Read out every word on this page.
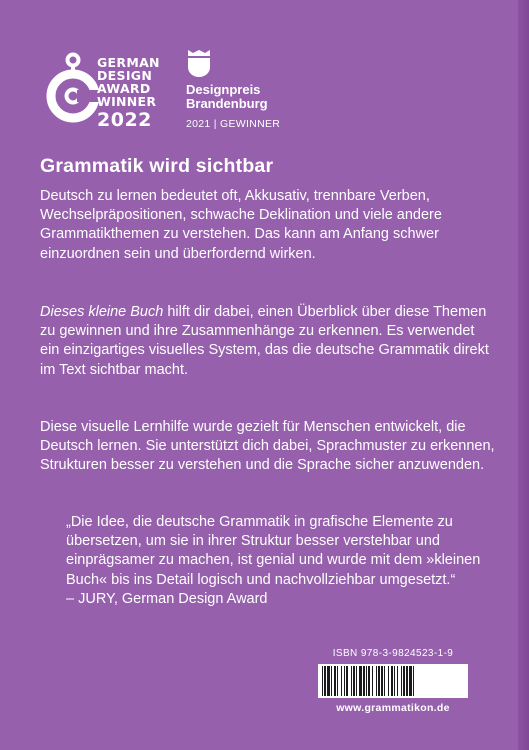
GERMAN
DESIGN
AWARD
WINNER
2022
Designpreis
Brandenburg
2021 | GEWINNER
Grammatik wird sichtbar

Deutsch zu lernen bedeutet oft, Akkusativ, trennbare Verben, Wechselpräpositionen, schwache Deklination und viele andere Grammatikthemen zu verstehen. Das kann am Anfang schwer einzuordnen sein und überfordernd wirken.

Dieses kleine Buch hilft dir dabei, einen Überblick über diese Themen zu gewinnen und ihre Zusammenhänge zu erkennen. Es verwendet ein einzigartiges visuelles System, das die deutsche Grammatik direkt im Text sichtbar macht.

Diese visuelle Lernhilfe wurde gezielt für Menschen entwickelt, die Deutsch lernen. Sie unterstützt dich dabei, Sprachmuster zu erkennen, Strukturen besser zu verstehen und die Sprache sicher anzuwenden.

„Die Idee, die deutsche Grammatik in grafische Elemente zu übersetzen, um sie in ihrer Struktur besser verstehbar und einprägsamer zu machen, ist genial und wurde mit dem »kleinen Buch« bis ins Detail logisch und nachvollziehbar umgesetzt.“
– JURY, German Design Award
ISBN 978-3-9824523-1-9
www.grammatikon.de
